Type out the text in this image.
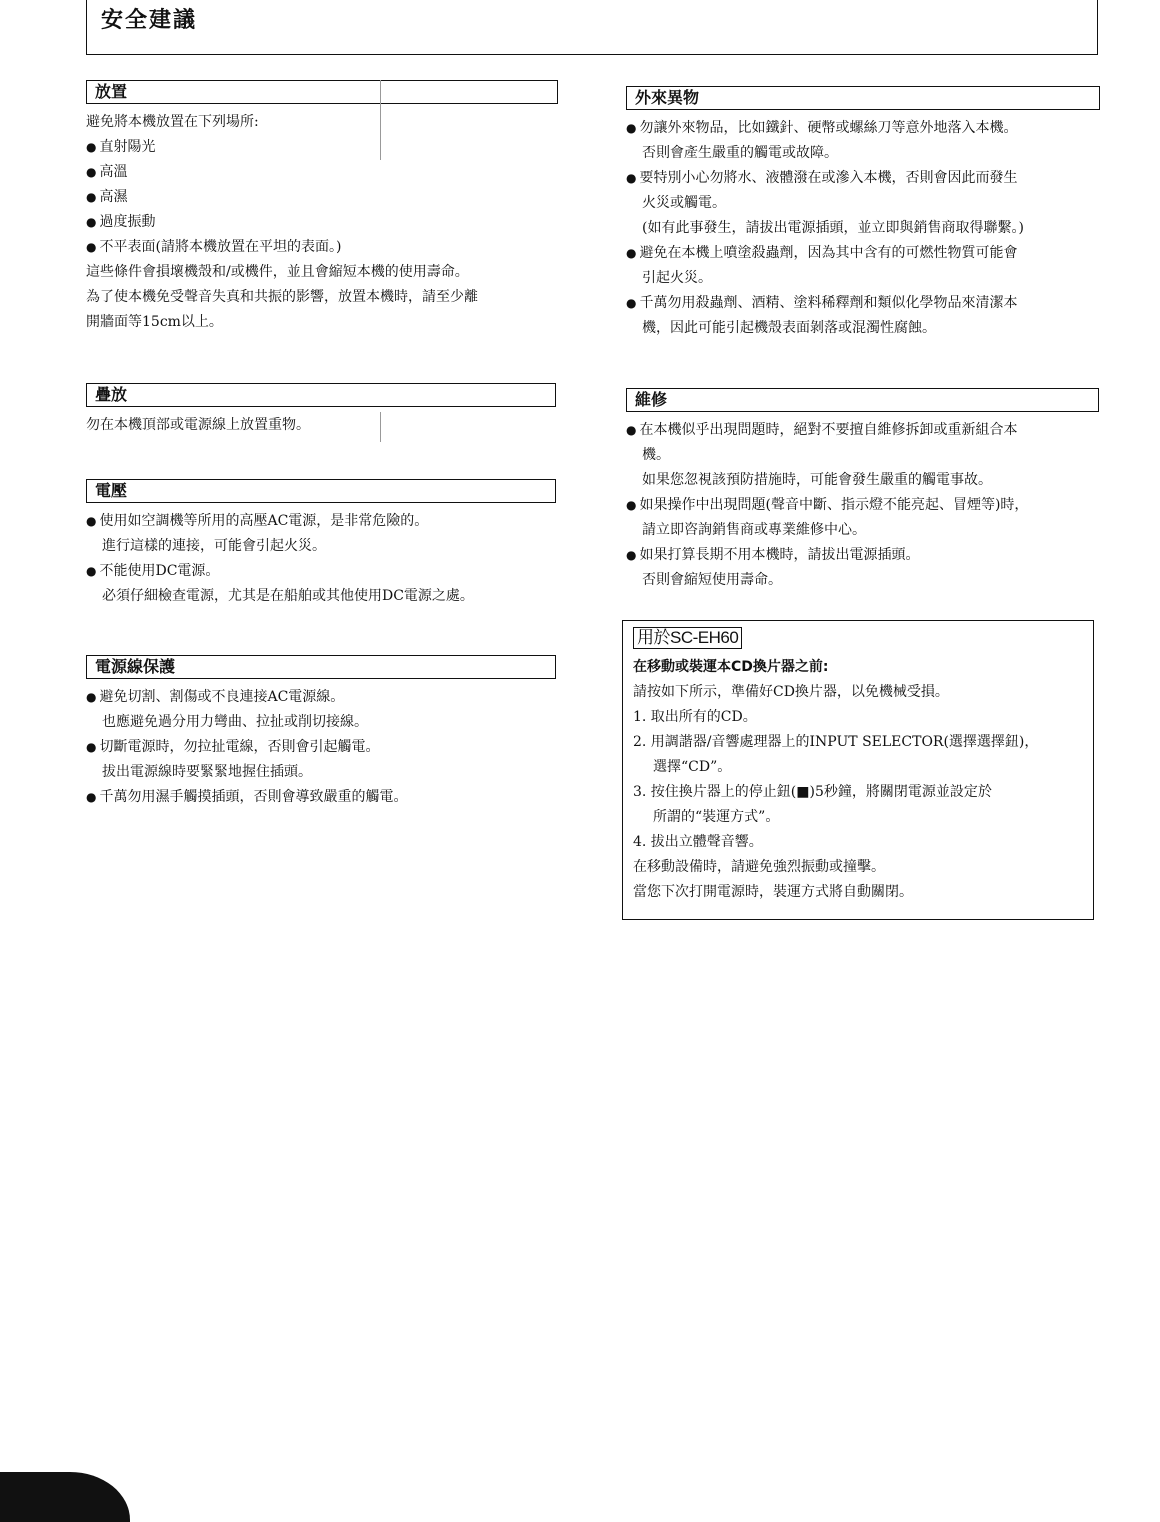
安全建議
放置
避免將本機放置在下列場所:
● 直射陽光
● 高溫
● 高濕
● 過度振動
● 不平表面(請將本機放置在平坦的表面。)
這些條件會損壞機殼和/或機件，並且會縮短本機的使用壽命。
為了使本機免受聲音失真和共振的影響，放置本機時，請至少離
開牆面等15cm以上。
疊放
勿在本機頂部或電源線上放置重物。
電壓
● 使用如空調機等所用的高壓AC電源，是非常危險的。
進行這樣的連接，可能會引起火災。
● 不能使用DC電源。
必須仔細檢查電源，尤其是在船舶或其他使用DC電源之處。
電源線保護
● 避免切割、割傷或不良連接AC電源線。
也應避免過分用力彎曲、拉扯或削切接線。
● 切斷電源時，勿拉扯電線，否則會引起觸電。
拔出電源線時要緊緊地握住插頭。
● 千萬勿用濕手觸摸插頭，否則會導致嚴重的觸電。
外來異物
● 勿讓外來物品，比如鐵針、硬幣或螺絲刀等意外地落入本機。
否則會產生嚴重的觸電或故障。
● 要特別小心勿將水、液體潑在或滲入本機，否則會因此而發生
火災或觸電。
(如有此事發生，請拔出電源插頭，並立即與銷售商取得聯繫。)
● 避免在本機上噴塗殺蟲劑，因為其中含有的可燃性物質可能會
引起火災。
● 千萬勿用殺蟲劑、酒精、塗料稀釋劑和類似化學物品來清潔本
機，因此可能引起機殼表面剝落或混濁性腐蝕。
維修
● 在本機似乎出現問題時，絕對不要擅自維修拆卸或重新組合本
機。
如果您忽視該預防措施時，可能會發生嚴重的觸電事故。
● 如果操作中出現問題(聲音中斷、指示燈不能亮起、冒煙等)時，
請立即咨詢銷售商或專業維修中心。
● 如果打算長期不用本機時，請拔出電源插頭。
否則會縮短使用壽命。
用於SC-EH60
在移動或裝運本CD換片器之前:
請按如下所示，準備好CD換片器，以免機械受損。
1. 取出所有的CD。
2. 用調諧器/音響處理器上的INPUT SELECTOR(選擇選擇鈕)，
選擇“CD”。
3. 按住換片器上的停止鈕(■)5秒鐘，將關閉電源並設定於
所謂的“裝運方式”。
4. 拔出立體聲音響。
在移動設備時，請避免強烈振動或撞擊。
當您下次打開電源時，裝運方式將自動關閉。
